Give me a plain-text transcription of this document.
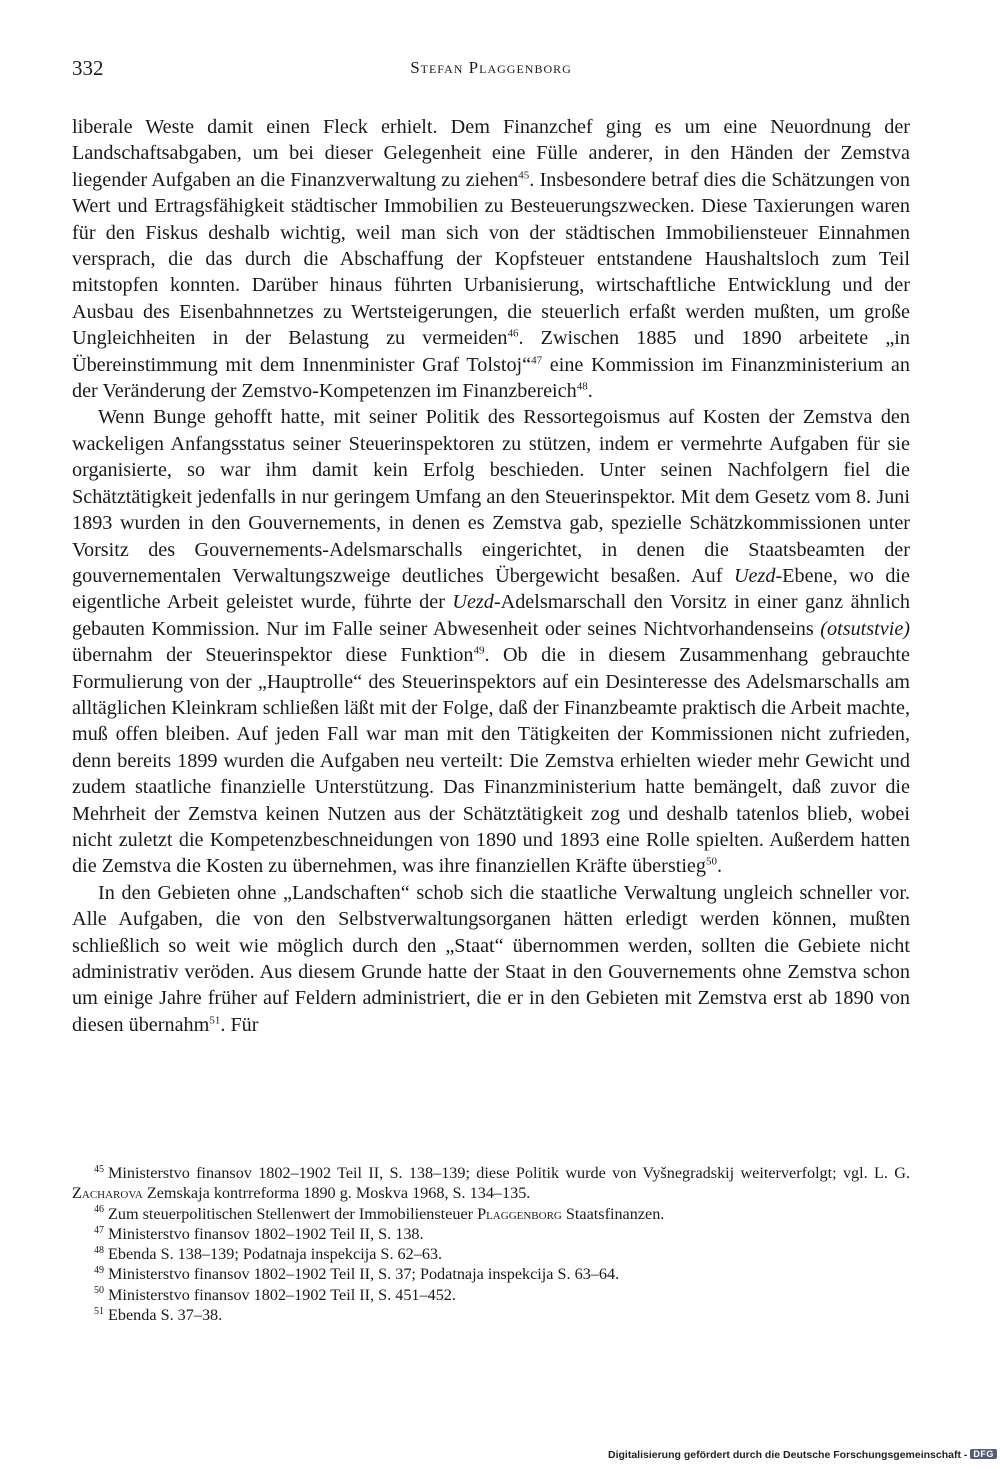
332	Stefan Plaggenborg

liberale Weste damit einen Fleck erhielt. Dem Finanzchef ging es um eine Neuordnung der Landschaftsabgaben, um bei dieser Gelegenheit eine Fülle anderer, in den Händen der Zemstva liegender Aufgaben an die Finanzverwaltung zu ziehen$^{45}$. Insbesondere betraf dies die Schätzungen von Wert und Ertragsfähigkeit städtischer Immobilien zu Besteuerungszwecken. Diese Taxierungen waren für den Fiskus deshalb wichtig, weil man sich von der städtischen Immobiliensteuer Einnahmen versprach, die das durch die Abschaffung der Kopfsteuer entstandene Haushaltsloch zum Teil mitstopfen konnten. Darüber hinaus führten Urbanisierung, wirtschaftliche Entwicklung und der Ausbau des Eisenbahnnetzes zu Wertsteigerungen, die steuerlich erfaßt werden mußten, um große Ungleichheiten in der Belastung zu vermeiden$^{46}$. Zwischen 1885 und 1890 arbeitete „in Übereinstimmung mit dem Innenminister Graf Tolstoj“$^{47}$ eine Kommission im Finanzministerium an der Veränderung der Zemstvo-Kompetenzen im Finanzbereich$^{48}$.

Wenn Bunge gehofft hatte, mit seiner Politik des Ressortegoismus auf Kosten der Zemstva den wackeligen Anfangsstatus seiner Steuerinspektoren zu stützen, indem er vermehrte Aufgaben für sie organisierte, so war ihm damit kein Erfolg beschieden. Unter seinen Nachfolgern fiel die Schätztätigkeit jedenfalls in nur geringem Umfang an den Steuerinspektor. Mit dem Gesetz vom 8. Juni 1893 wurden in den Gouvernements, in denen es Zemstva gab, spezielle Schätzkommissionen unter Vorsitz des Gouvernements-Adelsmarschalls eingerichtet, in denen die Staatsbeamten der gouvernementalen Verwaltungszweige deutliches Übergewicht besaßen. Auf Uezd-Ebene, wo die eigentliche Arbeit geleistet wurde, führte der Uezd-Adelsmarschall den Vorsitz in einer ganz ähnlich gebauten Kommission. Nur im Falle seiner Abwesenheit oder seines Nichtvorhandenseins (otsutstvie) übernahm der Steuerinspektor diese Funktion$^{49}$. Ob die in diesem Zusammenhang gebrauchte Formulierung von der „Hauptrolle“ des Steuerinspektors auf ein Desinteresse des Adelsmarschalls am alltäglichen Kleinkram schließen läßt mit der Folge, daß der Finanzbeamte praktisch die Arbeit machte, muß offen bleiben. Auf jeden Fall war man mit den Tätigkeiten der Kommissionen nicht zufrieden, denn bereits 1899 wurden die Aufgaben neu verteilt: Die Zemstva erhielten wieder mehr Gewicht und zudem staatliche finanzielle Unterstützung. Das Finanzministerium hatte bemängelt, daß zuvor die Mehrheit der Zemstva keinen Nutzen aus der Schätztätigkeit zog und deshalb tatenlos blieb, wobei nicht zuletzt die Kompetenzbeschneidungen von 1890 und 1893 eine Rolle spielten. Außerdem hatten die Zemstva die Kosten zu übernehmen, was ihre finanziellen Kräfte überstieg$^{50}$.

In den Gebieten ohne „Landschaften“ schob sich die staatliche Verwaltung ungleich schneller vor. Alle Aufgaben, die von den Selbstverwaltungsorganen hätten erledigt werden können, mußten schließlich so weit wie möglich durch den „Staat“ übernommen werden, sollten die Gebiete nicht administrativ veröden. Aus diesem Grunde hatte der Staat in den Gouvernements ohne Zemstva schon um einige Jahre früher auf Feldern administriert, die er in den Gebieten mit Zemstva erst ab 1890 von diesen übernahm$^{51}$. Für

$^{45}$ Ministerstvo finansov 1802–1902 Teil II, S. 138–139; diese Politik wurde von Vyšnegradskij weiterverfolgt; vgl. L. G. Zacharova Zemskaja kontrreforma 1890 g. Moskva 1968, S. 134–135.

$^{46}$ Zum steuerpolitischen Stellenwert der Immobiliensteuer Plaggenborg Staatsfinanzen.

$^{47}$ Ministerstvo finansov 1802–1902 Teil II, S. 138.

$^{48}$ Ebenda S. 138–139; Podatnaja inspekcija S. 62–63.

$^{49}$ Ministerstvo finansov 1802–1902 Teil II, S. 37; Podatnaja inspekcija S. 63–64.

$^{50}$ Ministerstvo finansov 1802–1902 Teil II, S. 451–452.

$^{51}$ Ebenda S. 37–38.

Digitalisierung gefördert durch die Deutsche Forschungsgemeinschaft - DFG
